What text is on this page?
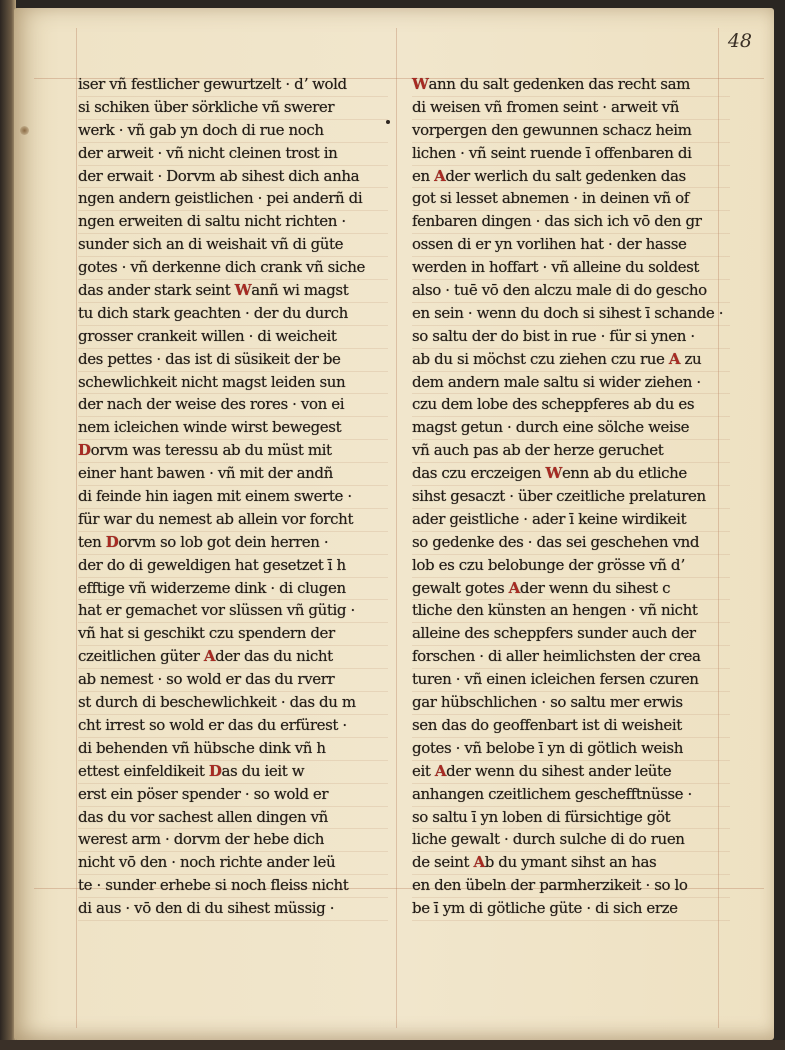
48
iser vñ festlicher gewurtzelt · dʼ wold
si schiken über sörkliche vñ swerer
werk · vñ gab yn doch di rue noch
der arweit · vñ nicht cleinen trost in
der erwait · Dorvm ab sihest dich anha
ngen andern geistlichen · pei anderñ di
ngen erweiten di saltu nicht richten ·
sunder sich an di weishait vñ di güte
gotes · vñ derkenne dich crank vñ siche
das ander stark seint Wanñ wi magst
tu dich stark geachten · der du durch
grosser crankeit willen · di weicheit
des pettes · das ist di süsikeit der be
schewlichkeit nicht magst leiden sun
der nach der weise des rores · von ei
nem icleichen winde wirst bewegest
Dorvm was teressu ab du müst mit
einer hant bawen · vñ mit der andñ
di feinde hin iagen mit einem swerte ·
für war du nemest ab allein vor forcht
ten Dorvm so lob got dein herren ·
der do di geweldigen hat gesetzet ī h
efftige vñ widerzeme dink · di clugen
hat er gemachet vor slüssen vñ gütig ·
vñ hat si geschikt czu spendern der
czeitlichen güter Ader das du nicht
ab nemest · so wold er das du rverr
st durch di beschewlichkeit · das du m
cht irrest so wold er das du erfürest ·
di behenden vñ hübsche dink vñ h
ettest einfeldikeit Das du ieit w
erst ein pöser spender · so wold er
das du vor sachest allen dingen vñ
werest arm · dorvm der hebe dich
nicht vō den · noch richte ander leü
te · sunder erhebe si noch fleiss nicht
di aus · vō den di du sihest müssig ·
Wann du salt gedenken das recht sam
di weisen vñ fromen seint · arweit vñ
vorpergen den gewunnen schacz heim
lichen · vñ seint ruende ī offenbaren di
en Ader werlich du salt gedenken das
got si lesset abnemen · in deinen vñ of
fenbaren dingen · das sich ich vō den gr
ossen di er yn vorlihen hat · der hasse
werden in hoffart · vñ alleine du soldest
also · tuē vō den alczu male di do gescho
en sein · wenn du doch si sihest ī schande ·
so saltu der do bist in rue · für si ynen ·
ab du si möchst czu ziehen czu rue A zu
dem andern male saltu si wider ziehen ·
czu dem lobe des scheppferes ab du es
magst getun · durch eine sölche weise
vñ auch pas ab der herze geruchet
das czu erczeigen Wenn ab du etliche
sihst gesaczt · über czeitliche prelaturen
ader geistliche · ader ī keine wirdikeit
so gedenke des · das sei geschehen vnd
lob es czu belobunge der grösse vñ dʼ
gewalt gotes Ader wenn du sihest c
tliche den künsten an hengen · vñ nicht
alleine des scheppfers sunder auch der
forschen · di aller heimlichsten der crea
turen · vñ einen icleichen fersen czuren
gar hübschlichen · so saltu mer erwis
sen das do geoffenbart ist di weisheit
gotes · vñ belobe ī yn di götlich weish
eit Ader wenn du sihest ander leüte
anhangen czeitlichem geschefftnüsse ·
so saltu ī yn loben di fürsichtige göt
liche gewalt · durch sulche di do ruen
de seint Ab du ymant sihst an has
en den übeln der parmherzikeit · so lo
be ī ym di götliche güte · di sich erze
